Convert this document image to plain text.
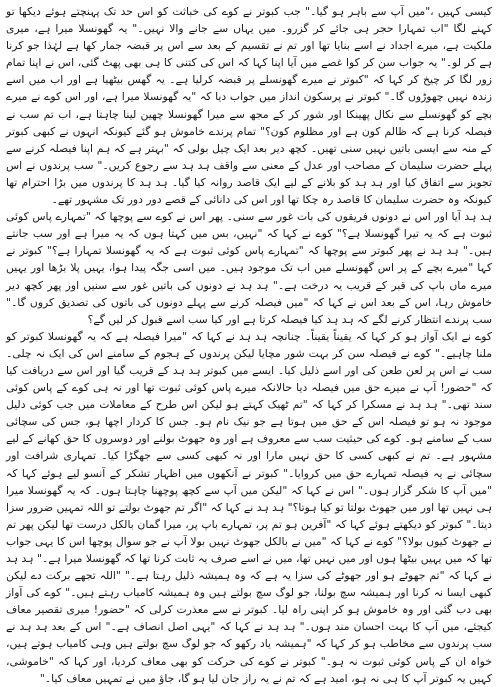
کیسی کہیں ،"میں آپ سے باہر ہو گیا۔" جب کبوتر نے کوے کی خباثت کو اس حد تک پہنچتے ہوئے دیکھا تو کہنے لگا "اب تمہارا حجر ہی جائے کر گزرو۔ میں یہاں سے جانے والا نہیں۔" یہ گھونسلا میرا ہے، میری ملکیت ہے، میرے اجداد نے اسے بنایا تھا اور تم نے تقسیم کے بعد سے اس پر قبضہ جمار کھا ہے لہٰذا جو کرنا ہے کر لو۔" یہ جواب سن کر کوا غصے میں آیا اپنا کہا کہ اس کی کتنی کا ہی بھی پھٹ گئی، اس نے اپنا تمام زور لگا کر چیخ کر کہا کہ "کبوتر نے میرے گھونسلے پر قبضہ کرلیا ہے۔ یہ گھس بیٹھیا ہے اور اب میں اسے زندہ نہیں چھوڑوں گا۔" کبوتر نے پرسکون انداز میں جواب دیا کہ "یہ گھونسلا میرا ہے، اور اس کوے نے میرے بچے کو گھونسلے سے نکال پھینکا اور شور کر کے مجھ سے میرا گھونسلا چھین لینا چاہتا ہے، اب تم سب نے فیصلہ کرنا ہے کہ ظالم کون ہے اور مظلوم کون؟" تمام پرندے خاموش ہو گئے کیونکہ انہوں نے کبھی کبوتر کے منہ سے ایسی باتیں نہیں سنی تھیں۔ کچھ دیر بعد ایک چیل بولی کہ "بہتر ہے کہ ہم اپنا فیصلہ کرنے سے پہلے حضرت سلیمان کے مصاحب اور عدل کے معنی سے واقف ہد ہد سے رجوع کریں۔" سب پرندوں نے اس تجویز سے اتفاق کیا اور ہد ہد کو بلانے کے لیے ایک قاصد روانہ کیا گیا۔ ہد ہد کا پرندوں میں بڑا احترام تھا کیونکہ وہ حضرت سلیمان کا قاصد رہ چکا تھا اور اس کی دانائی کے قصے دور دور تک مشہور تھے۔

ہد ہد آیا اور اس نے دونوں فریقوں کی بات غور سے سنی۔ پھر اس نے کوے سے پوچھا کہ "تمہارے پاس کوئی ثبوت ہے کہ یہ تیرا گھونسلا ہے؟" کوے نے کہا کہ "نہیں، بس میں کہتا ہوں کہ یہ میرا ہے اور سب جانتے ہیں۔" ہد ہد نے پھر کبوتر سے پوچھا کہ "تمہارے پاس کوئی ثبوت ہے کہ یہ گھونسلا تمہارا ہے؟" کبوتر نے کہا "میرے بچے کے پر اس گھونسلے میں اب تک موجود ہیں۔ میں اسی جگہ پیدا ہوا، یہیں پلا بڑھا اور یہیں میرے ماں باپ کی قبر کے قریب یہ درخت ہے۔" ہد ہد نے دونوں کی باتیں غور سے سنیں اور پھر کچھ دیر خاموش رہا، اس کے بعد اس نے کہا کہ "میں فیصلہ کرنے سے پہلے دونوں کی باتوں کی تصدیق کروں گا۔" سب پرندے انتظار کرنے لگے کہ ہد ہد کیا فیصلہ کرتا ہے اور کیا سب اسے قبول کر لیں گے؟

کوے نے ایک آواز ہو کر کہا کہ یقیناً یقیناً۔ چنانچہ ہد ہد نے کہا کہ "میرا فیصلہ ہے کہ یہ گھونسلا کبوتر کو ملنا چاہیے۔" کوے نے فیصلہ سن کر بہت شور مچایا لیکن پرندوں کے ہجوم کے سامنے اس کی ایک نہ چلی۔ سب نے اس پر لعن طعن کی اور اسے ذلیل کیا۔ ایسے میں کبوتر ہد ہد کے قریب گیا اور اس سے دریافت کیا کہ "حضور! آپ نے میرے حق میں فیصلہ دیا حالانکہ میرے پاس کوئی ثبوت تھا اور نہ ہی کوے کے پاس کوئی سند تھی۔" ہد ہد نے مسکرا کر کہا کہ "تم ٹھیک کہتے ہو لیکن اس طرح کے معاملات میں جب کوئی دلیل موجود نہ ہو تو فیصلہ اس کے حق میں ہوتا ہے جو نیک نام ہو۔ جس کا کردار اچھا ہو، جس کی سچائی سب کے سامنے ہو۔ کوے کی حیثیت سب سے معروف ہے اور وہ جھوٹ بولنے اور دوسروں کا حق کھانے کے لیے مشہور ہے۔ تم نے کبھی کسی کا حق نہیں مارا اور نہ کبھی کسی سے جھگڑا کیا۔ تمہاری شرافت اور سچائی نے یہ فیصلہ تمہارے حق میں کروایا۔" کبوتر نے آنکھوں میں اظہار تشکر کے آنسو لیے ہوئے کہا کہ "میں آپ کا شکر گزار ہوں۔" اس نے کہا کہ "لیکن میں آپ سے کچھ پوچھنا چاہتا ہوں۔ کہ یہ گھونسلا میرا ہی نہیں تھا اور میں جھوٹ بولتا تو کیا ہوتا؟" ہد ہد نے کہا کہ "اگر تم جھوٹ بولتے تو اللہ تمہیں ضرور سزا دیتا۔" کبوتر کو دیکھتے ہوئے کہا کہ "آفرین ہو تم پر، تمہارے باپ پر، میرا گمان بالکل درست تھا لیکن پھر تم نے جھوٹ کیوں بولا؟" کوے نے کہا کہ "میں نے بالکل جھوٹ نہیں بولا آپ نے جو سوال پوچھا اس کا یہی جواب تھا کہ میں یہیں بیٹھا ہوں اور میں نہیں تھا، میں نے اسے صرف یہ ثابت کرنا تھا کہ گھونسلا میرا ہے۔" ہد ہد نے کہا کہ "تم جھوٹے ہو اور جھوٹے کی سزا یہ ہے کہ وہ ہمیشہ ذلیل رہتا ہے۔" "اللہ تجھے برکت دے لیکن کبھی ایسا نہ کرنا اور ہمیشہ سچ بولنا، جو لوگ سچ بولتے ہیں وہ ہمیشہ کامیاب رہتے ہیں۔" کوے کی آواز بھی دب گئی اور وہ خاموش ہو کر اپنی راہ لیا۔ کبوتر نے سے معذرت کرلی کہ "حضور! میری تقصیر معاف کیجئے، میں آپ کا بہت احسان مند ہوں۔" ہد ہد نے کہا کہ "یہی اصل انصاف ہے۔" اس کے بعد ہد ہد نے سب پرندوں سے مخاطب ہو کر کہا کہ "ہمیشہ یاد رکھو کہ جو لوگ سچ بولتے ہیں وہی کامیاب ہوتے ہیں، خواہ ان کے پاس کوئی ثبوت نہ ہو۔" کبوتر نے کوے کی حرکت کو بھی معاف کردیا، اور کہا کہ "خاموشی، کہیں یہ کبوتر آپ کا ہی نہ ہو، امید ہے کہ تم نے یہ راز جان لیا ہو گا، جاؤ میں نے تمہیں معاف کیا۔"
